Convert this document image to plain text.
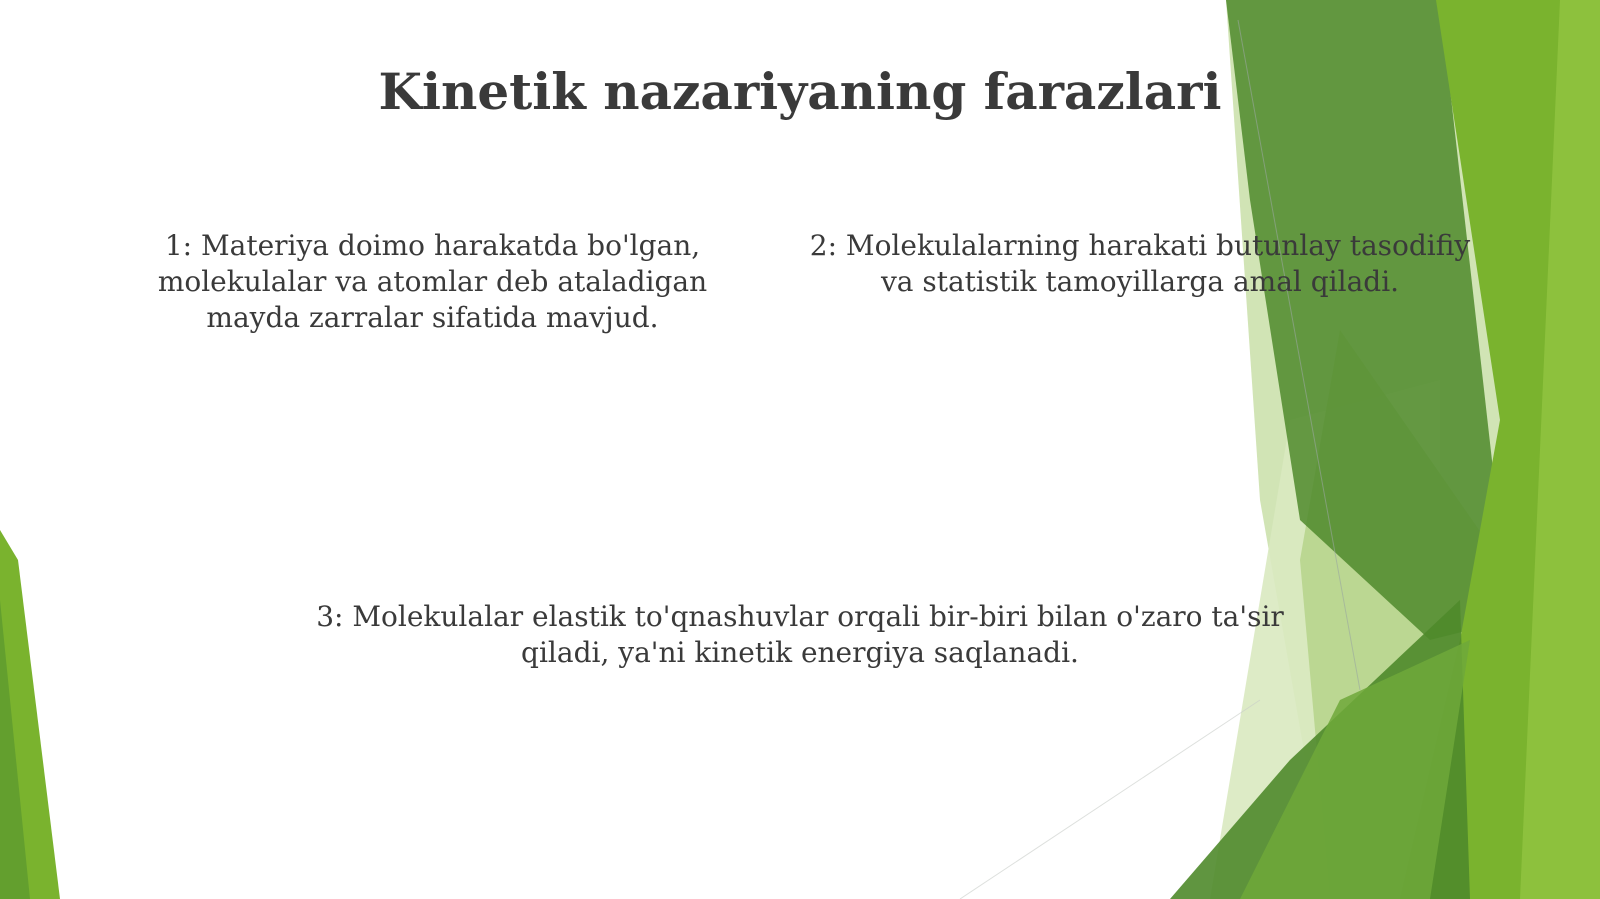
Kinetik nazariyaning farazlari

1: Materiya doimo harakatda bo'lgan, molekulalar va atomlar deb ataladigan mayda zarralar sifatida mavjud.

2: Molekulalarning harakati butunlay tasodifiy va statistik tamoyillarga amal qiladi.

3: Molekulalar elastik to'qnashuvlar orqali bir-biri bilan o'zaro ta'sir qiladi, ya'ni kinetik energiya saqlanadi.
